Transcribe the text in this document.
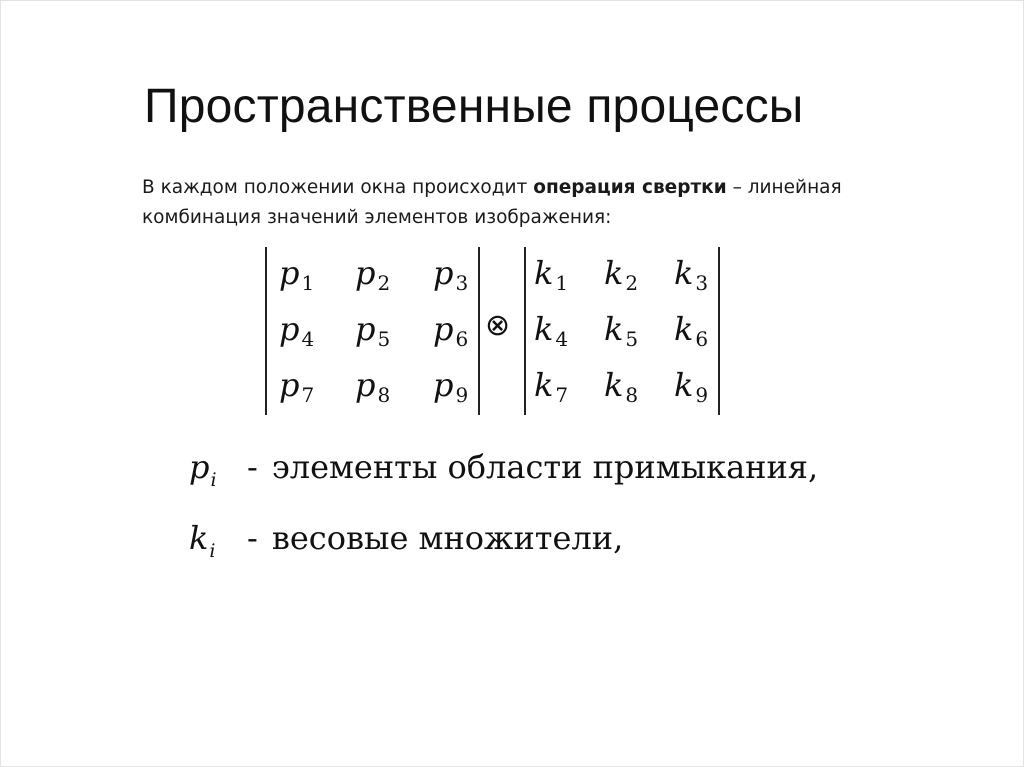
Пространственные процессы
В каждом положении окна происходит операция свертки – линейная комбинация значений элементов изображения:
p $_1$ p $_2$ p $_3$
p $_4$ p $_5$ p $_6$
p $_7$ p $_8$ p $_9$
⊗
k $_1$ k $_2$ k $_3$
k $_4$ k $_5$ k $_6$
k $_7$ k $_8$ k $_9$
$p_i$ - элементы области примыкания,
$k_i$ - весовые множители,
